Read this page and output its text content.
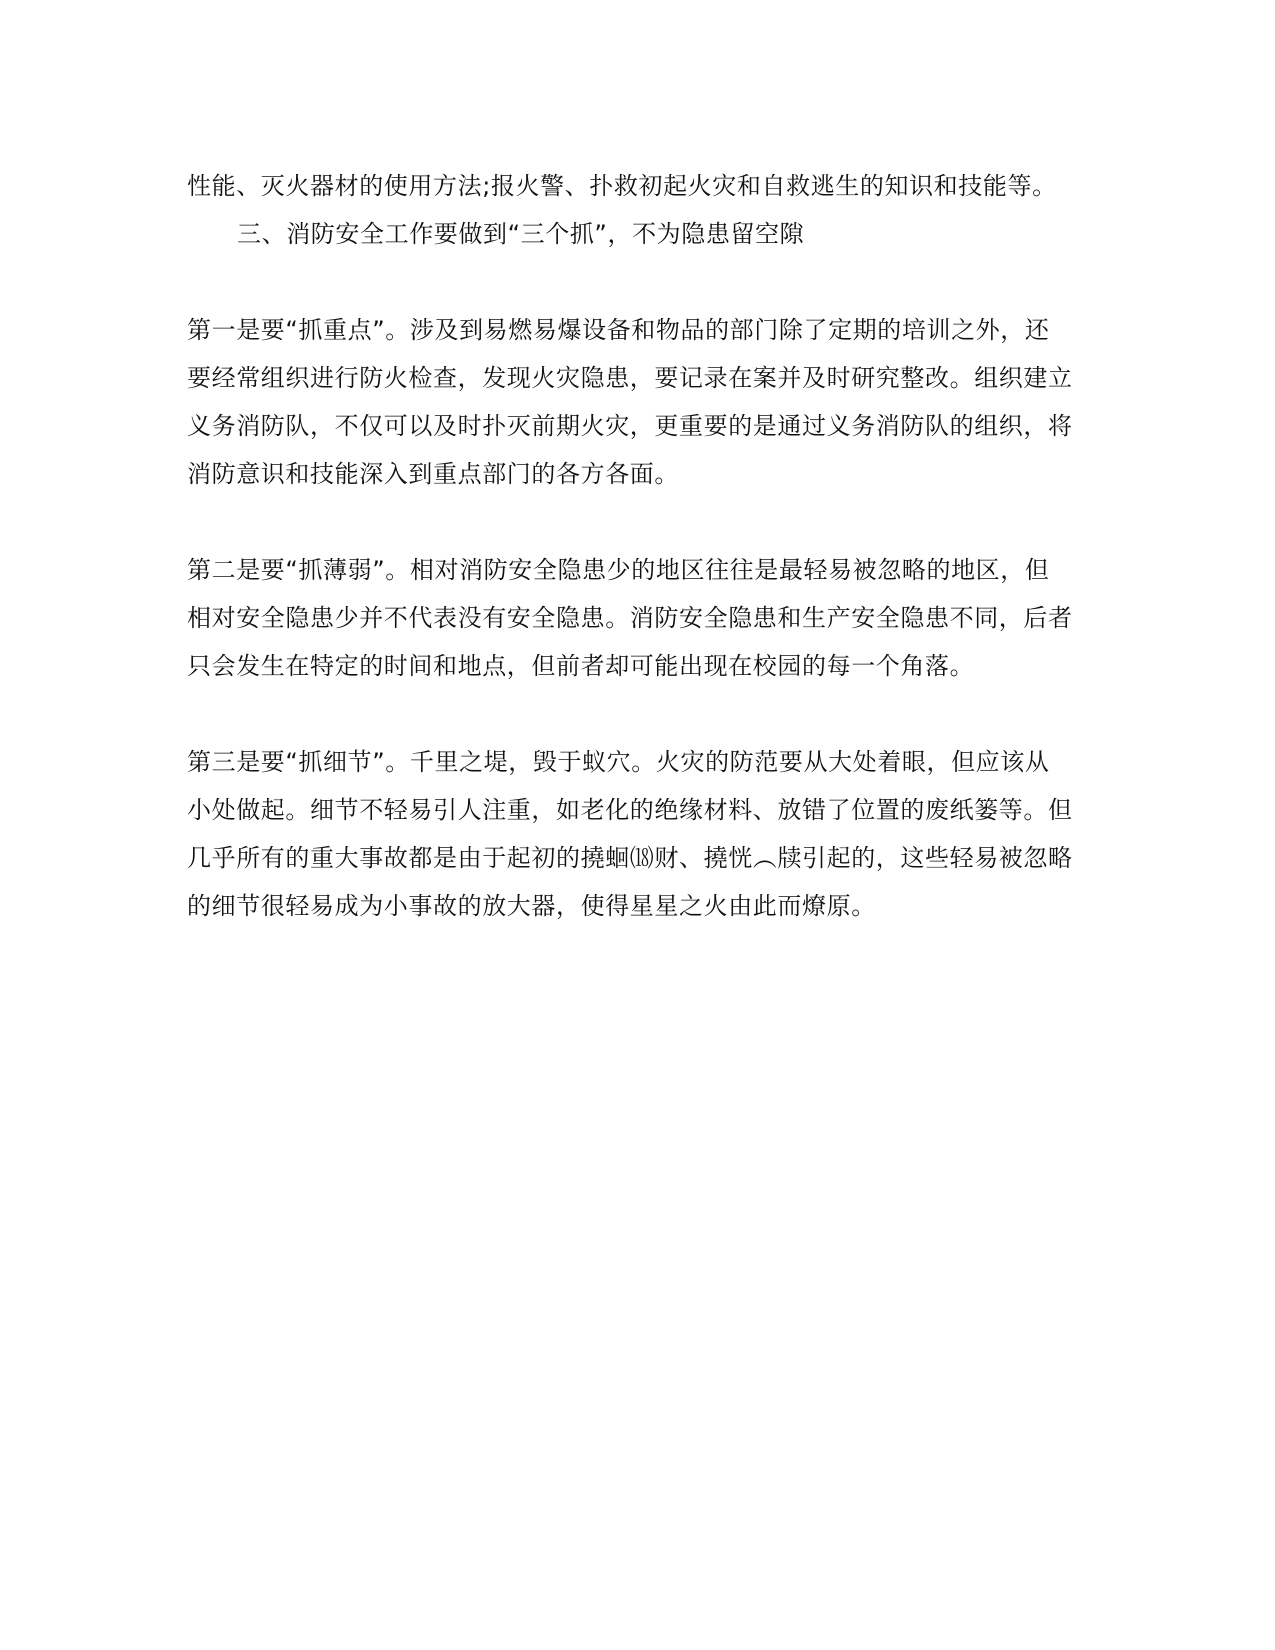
性能、灭火器材的使用方法;报火警、扑救初起火灾和自救逃生的知识和技能等。
三、消防安全工作要做到“三个抓”，不为隐患留空隙
第一是要“抓重点”。涉及到易燃易爆设备和物品的部门除了定期的培训之外，还
要经常组织进行防火检查，发现火灾隐患，要记录在案并及时研究整改。组织建立
义务消防队，不仅可以及时扑灭前期火灾，更重要的是通过义务消防队的组织，将
消防意识和技能深入到重点部门的各方各面。
第二是要“抓薄弱”。相对消防安全隐患少的地区往往是最轻易被忽略的地区，但
相对安全隐患少并不代表没有安全隐患。消防安全隐患和生产安全隐患不同，后者
只会发生在特定的时间和地点，但前者却可能出现在校园的每一个角落。
第三是要“抓细节”。千里之堤，毁于蚁穴。火灾的防范要从大处着眼，但应该从
小处做起。细节不轻易引人注重，如老化的绝缘材料、放错了位置的废纸篓等。但
几乎所有的重大事故都是由于起初的撓蛔⒅财、撓恍︵牍引起的，这些轻易被忽略
的细节很轻易成为小事故的放大器，使得星星之火由此而燎原。
